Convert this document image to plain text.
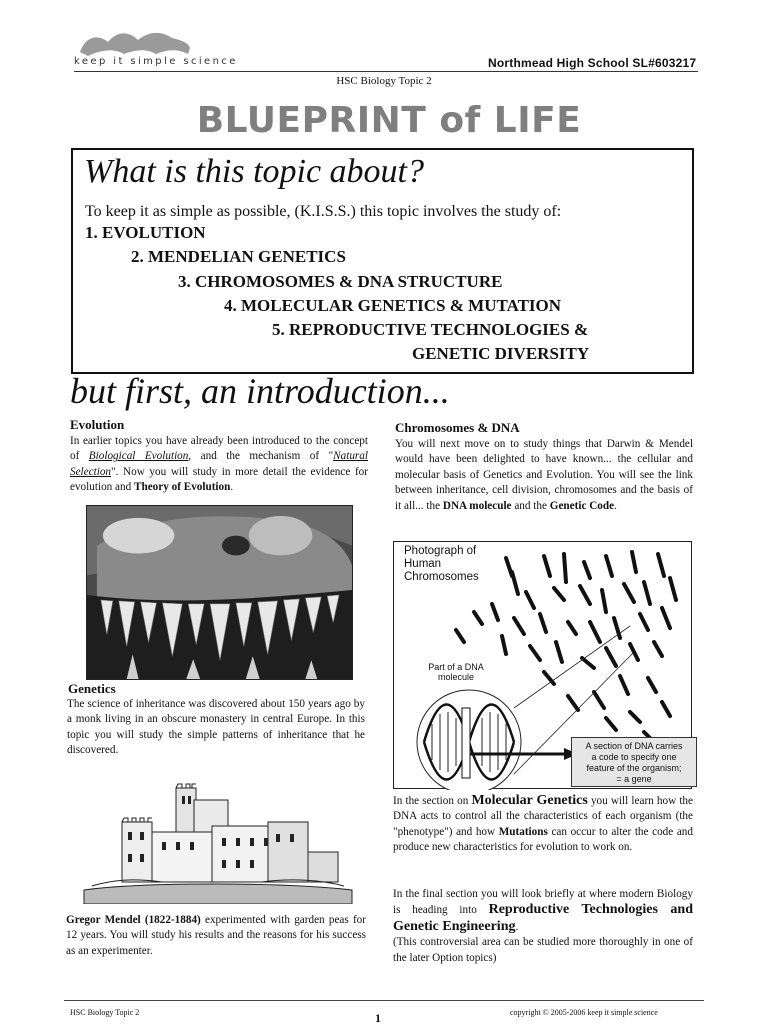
keep it simple science	Northmead High School SL#603217
HSC Biology Topic 2
BLUEPRINT of LIFE
What is this topic about?
To keep it as simple as possible, (K.I.S.S.) this topic involves the study of:
1. EVOLUTION
2. MENDELIAN GENETICS
3. CHROMOSOMES & DNA STRUCTURE
4. MOLECULAR GENETICS & MUTATION
5. REPRODUCTIVE TECHNOLOGIES &
GENETIC DIVERSITY
but first, an introduction...
Evolution
In earlier topics you have already been introduced to the concept of Biological Evolution, and the mechanism of "Natural Selection". Now you will study in more detail the evidence for evolution and Theory of Evolution.
Genetics
The science of inheritance was discovered about 150 years ago by a monk living in an obscure monastery in central Europe. In this topic you will study the simple patterns of inheritance that he discovered.
Gregor Mendel (1822-1884) experimented with garden peas for 12 years. You will study his results and the reasons for his success as an experimenter.
Chromosomes & DNA
You will next move on to study things that Darwin & Mendel would have been delighted to have known... the cellular and molecular basis of Genetics and Evolution. You will see the link between inheritance, cell division, chromosomes and the basis of it all... the DNA molecule and the Genetic Code.
Photograph of
Human
Chromosomes
Part of a DNA
molecule
A section of DNA carries
a code to specify one
feature of the organism;
= a gene
In the section on Molecular Genetics you will learn how the DNA acts to control all the characteristics of each organism (the "phenotype") and how Mutations can occur to alter the code and produce new characteristics for evolution to work on.
In the final section you will look briefly at where modern Biology is heading into Reproductive Technologies and Genetic Engineering.
(This controversial area can be studied more thoroughly in one of the later Option topics)
HSC Biology Topic 2	1	copyright © 2005-2006 keep it simple science
